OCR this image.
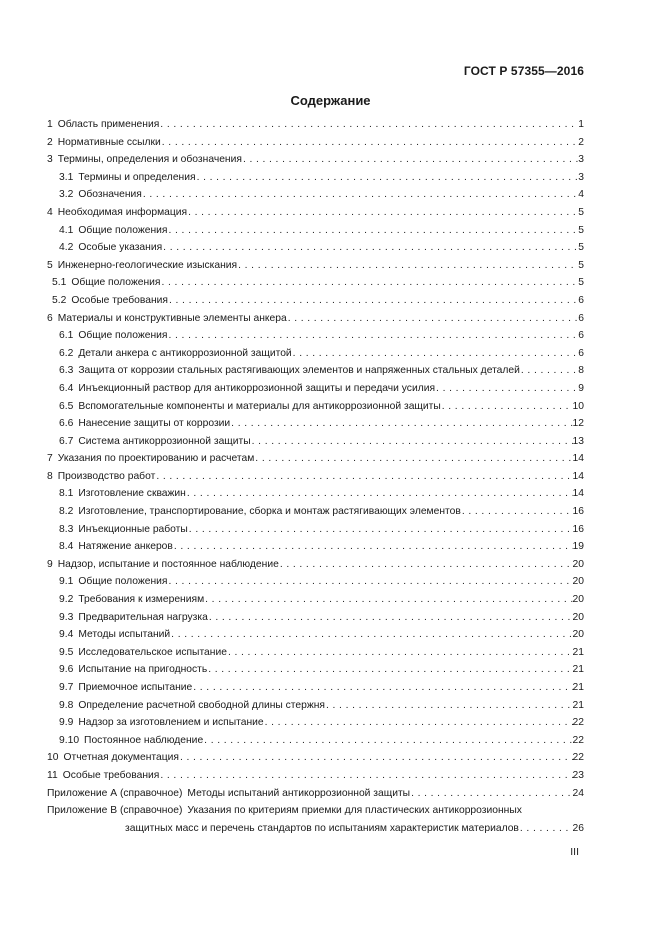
ГОСТ Р 57355—2016
Содержание
1 Область применения . . .	1
2 Нормативные ссылки . . .	2
3 Термины, определения и обозначения . . .	3
3.1 Термины и определения . . .	3
3.2 Обозначения . . .	4
4 Необходимая информация . . .	5
4.1 Общие положения . . .	5
4.2 Особые указания . . .	5
5 Инженерно-геологические изыскания . . .	5
5.1 Общие положения . . .	5
5.2 Особые требования . . .	6
6 Материалы и конструктивные элементы анкера . . .	6
6.1 Общие положения . . .	6
6.2 Детали анкера с антикоррозионной защитой . . .	6
6.3 Защита от коррозии стальных растягивающих элементов и напряженных стальных деталей . . .	8
6.4 Инъекционный раствор для антикоррозионной защиты и передачи усилия . . .	9
6.5 Вспомогательные компоненты и материалы для антикоррозионной защиты . . .	10
6.6 Нанесение защиты от коррозии . . .	12
6.7 Система антикоррозионной защиты . . .	13
7 Указания по проектированию и расчетам . . .	14
8 Производство работ . . .	14
8.1 Изготовление скважин . . .	14
8.2 Изготовление, транспортирование, сборка и монтаж растягивающих элементов . . .	16
8.3 Инъекционные работы . . .	16
8.4 Натяжение анкеров . . .	19
9 Надзор, испытание и постоянное наблюдение . . .	20
9.1 Общие положения . . .	20
9.2 Требования к измерениям . . .	20
9.3 Предварительная нагрузка . . .	20
9.4 Методы испытаний . . .	20
9.5 Исследовательское испытание . . .	21
9.6 Испытание на пригодность . . .	21
9.7 Приемочное испытание . . .	21
9.8 Определение расчетной свободной длины стержня . . .	21
9.9 Надзор за изготовлением и испытание . . .	22
9.10 Постоянное наблюдение . . .	22
10 Отчетная документация . . .	22
11 Особые требования . . .	23
Приложение А (справочное) Методы испытаний антикоррозионной защиты . . .	24
Приложение В (справочное) Указания по критериям приемки для пластических антикоррозионных
защитных масс и перечень стандартов по испытаниям характеристик материалов . . .	26
III
